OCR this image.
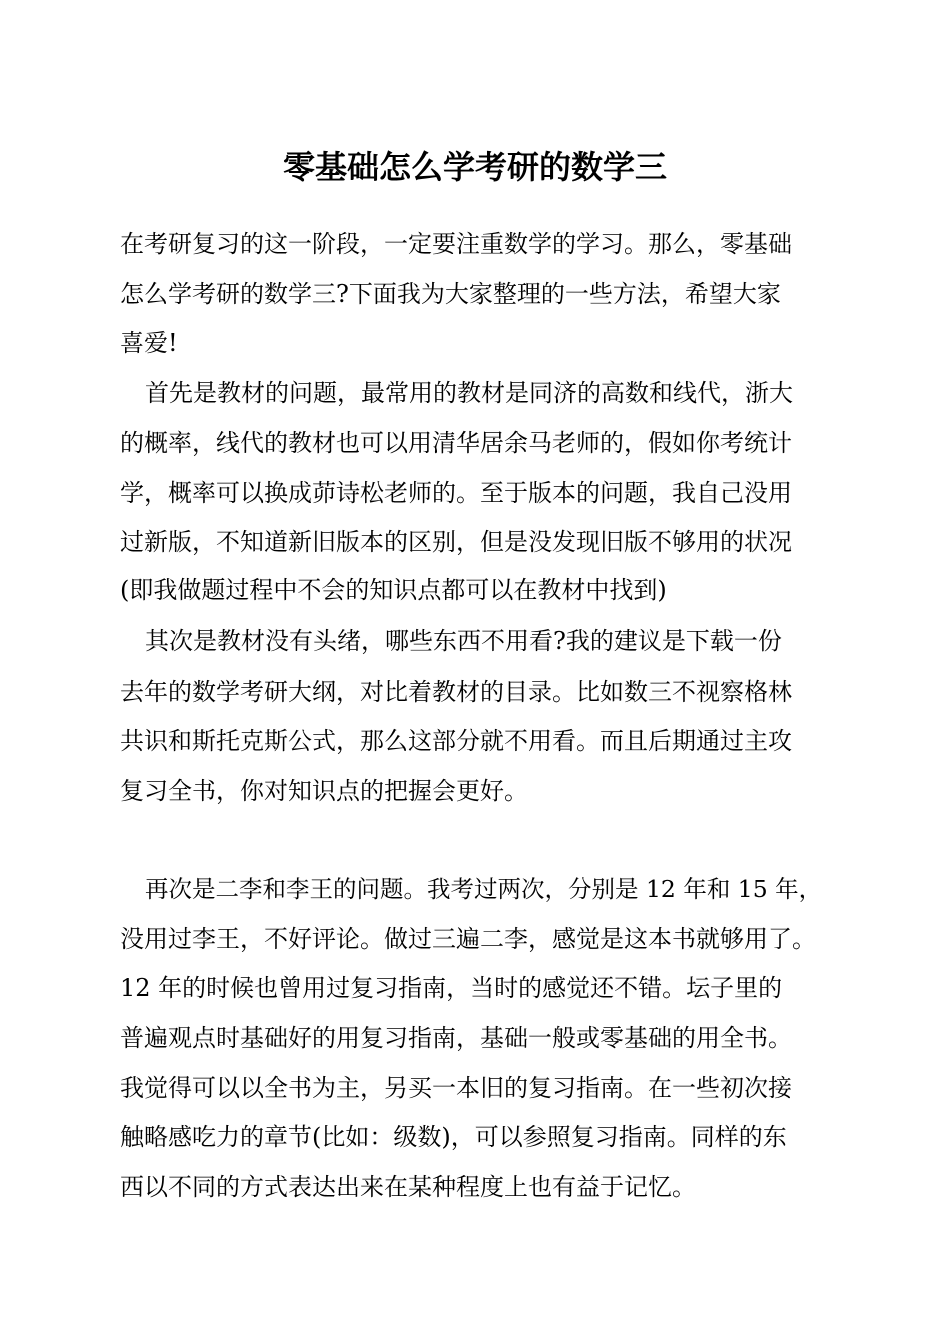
零基础怎么学考研的数学三

在考研复习的这一阶段，一定要注重数学的学习。那么，零基础

怎么学考研的数学三?下面我为大家整理的一些方法，希望大家

喜爱!

首先是教材的问题，最常用的教材是同济的高数和线代，浙大

的概率，线代的教材也可以用清华居余马老师的，假如你考统计

学，概率可以换成茆诗松老师的。至于版本的问题，我自己没用

过新版，不知道新旧版本的区别，但是没发现旧版不够用的状况

(即我做题过程中不会的知识点都可以在教材中找到)

其次是教材没有头绪，哪些东西不用看?我的建议是下载一份

去年的数学考研大纲，对比着教材的目录。比如数三不视察格林

共识和斯托克斯公式，那么这部分就不用看。而且后期通过主攻

复习全书，你对知识点的把握会更好。

再次是二李和李王的问题。我考过两次，分别是 12 年和 15 年，

没用过李王，不好评论。做过三遍二李，感觉是这本书就够用了。

12 年的时候也曾用过复习指南，当时的感觉还不错。坛子里的

普遍观点时基础好的用复习指南，基础一般或零基础的用全书。

我觉得可以以全书为主，另买一本旧的复习指南。在一些初次接

触略感吃力的章节(比如：级数)，可以参照复习指南。同样的东

西以不同的方式表达出来在某种程度上也有益于记忆。
